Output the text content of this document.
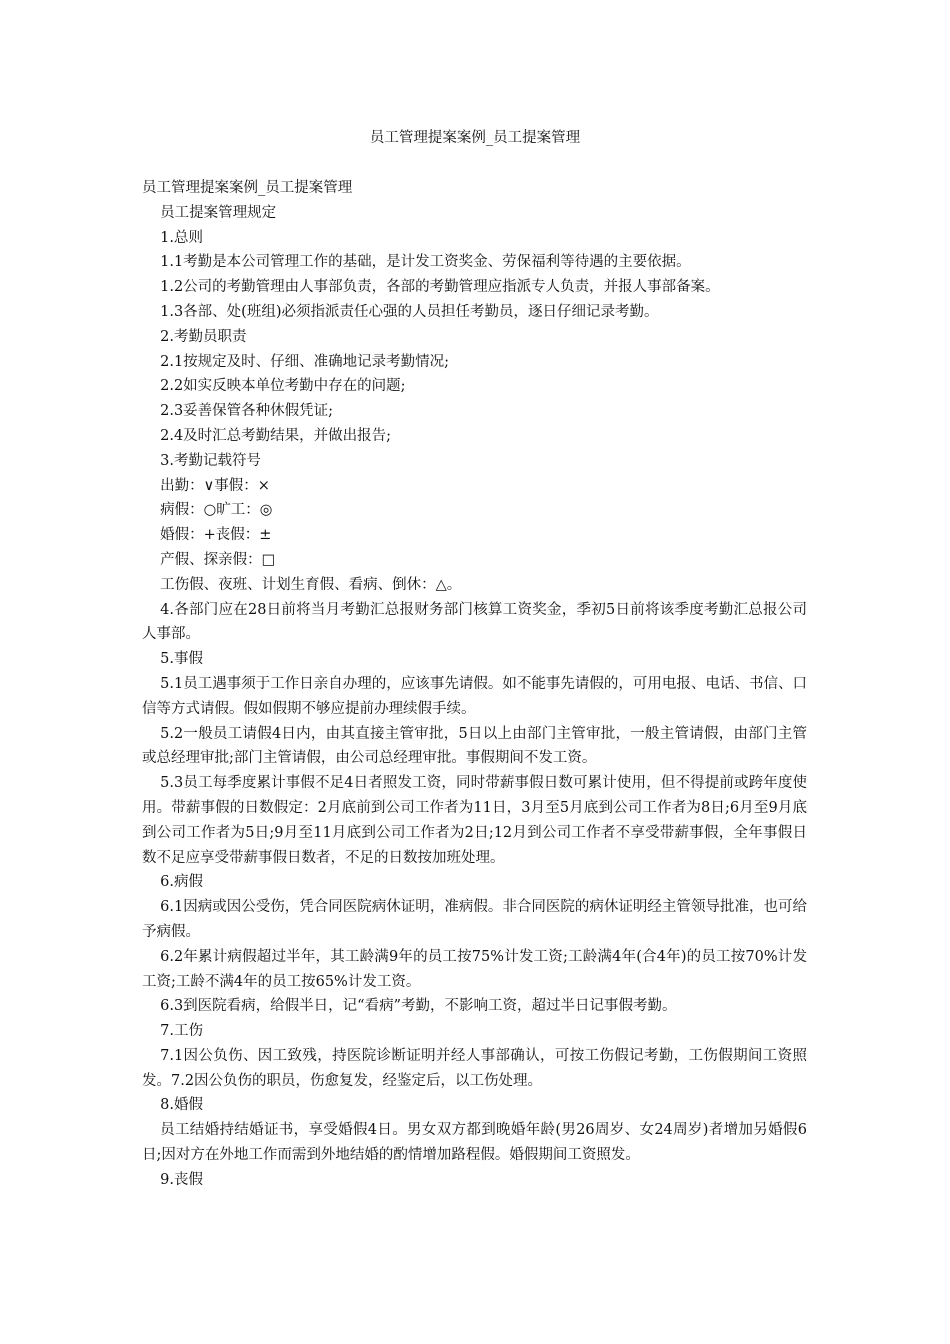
员工管理提案案例_员工提案管理

员工管理提案案例_员工提案管理

员工提案管理规定

1.总则

1.1考勤是本公司管理工作的基础，是计发工资奖金、劳保福利等待遇的主要依据。

1.2公司的考勤管理由人事部负责，各部的考勤管理应指派专人负责，并报人事部备案。

1.3各部、处(班组)必须指派责任心强的人员担任考勤员，逐日仔细记录考勤。

2.考勤员职责

2.1按规定及时、仔细、准确地记录考勤情况;

2.2如实反映本单位考勤中存在的问题;

2.3妥善保管各种休假凭证;

2.4及时汇总考勤结果，并做出报告;

3.考勤记载符号

出勤：∨事假：×

病假：○旷工：◎

婚假：+丧假：±

产假、探亲假：□

工伤假、夜班、计划生育假、看病、倒休：△。

4.各部门应在28日前将当月考勤汇总报财务部门核算工资奖金，季初5日前将该季度考勤汇总报公司人事部。

5.事假

5.1员工遇事须于工作日亲自办理的，应该事先请假。如不能事先请假的，可用电报、电话、书信、口信等方式请假。假如假期不够应提前办理续假手续。

5.2一般员工请假4日内，由其直接主管审批，5日以上由部门主管审批，一般主管请假，由部门主管或总经理审批;部门主管请假，由公司总经理审批。事假期间不发工资。

5.3员工每季度累计事假不足4日者照发工资，同时带薪事假日数可累计使用，但不得提前或跨年度使用。带薪事假的日数假定：2月底前到公司工作者为11日，3月至5月底到公司工作者为8日;6月至9月底到公司工作者为5日;9月至11月底到公司工作者为2日;12月到公司工作者不享受带薪事假，全年事假日数不足应享受带薪事假日数者，不足的日数按加班处理。

6.病假

6.1因病或因公受伤，凭合同医院病休证明，准病假。非合同医院的病休证明经主管领导批准，也可给予病假。

6.2年累计病假超过半年，其工龄满9年的员工按75%计发工资;工龄满4年(合4年)的员工按70%计发工资;工龄不满4年的员工按65%计发工资。

6.3到医院看病，给假半日，记“看病”考勤，不影响工资，超过半日记事假考勤。

7.工伤

7.1因公负伤、因工致残，持医院诊断证明并经人事部确认，可按工伤假记考勤，工伤假期间工资照发。7.2因公负伤的职员，伤愈复发，经鉴定后，以工伤处理。

8.婚假

员工结婚持结婚证书，享受婚假4日。男女双方都到晚婚年龄(男26周岁、女24周岁)者增加另婚假6日;因对方在外地工作而需到外地结婚的酌情增加路程假。婚假期间工资照发。

9.丧假
